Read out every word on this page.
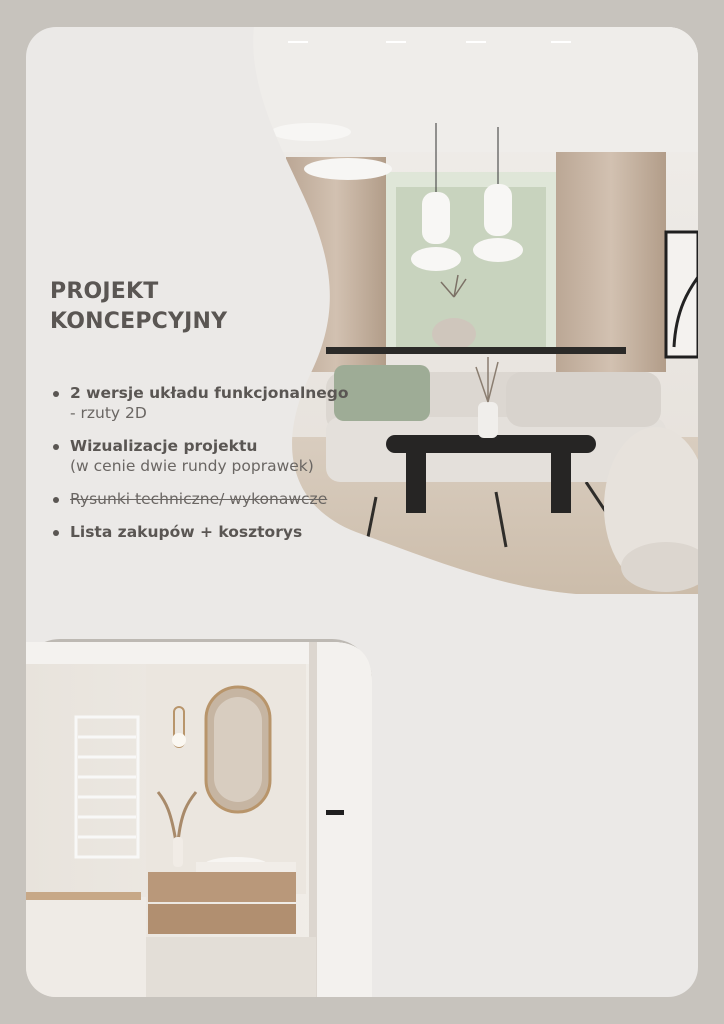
PROJEKT
KONCEPCYJNY
2 wersje układu funkcjonalnego - rzuty 2D
Wizualizacje projektu
(w cenie dwie rundy poprawek)
Rysunki techniczne/ wykonawcze
Lista zakupów + kosztorys
